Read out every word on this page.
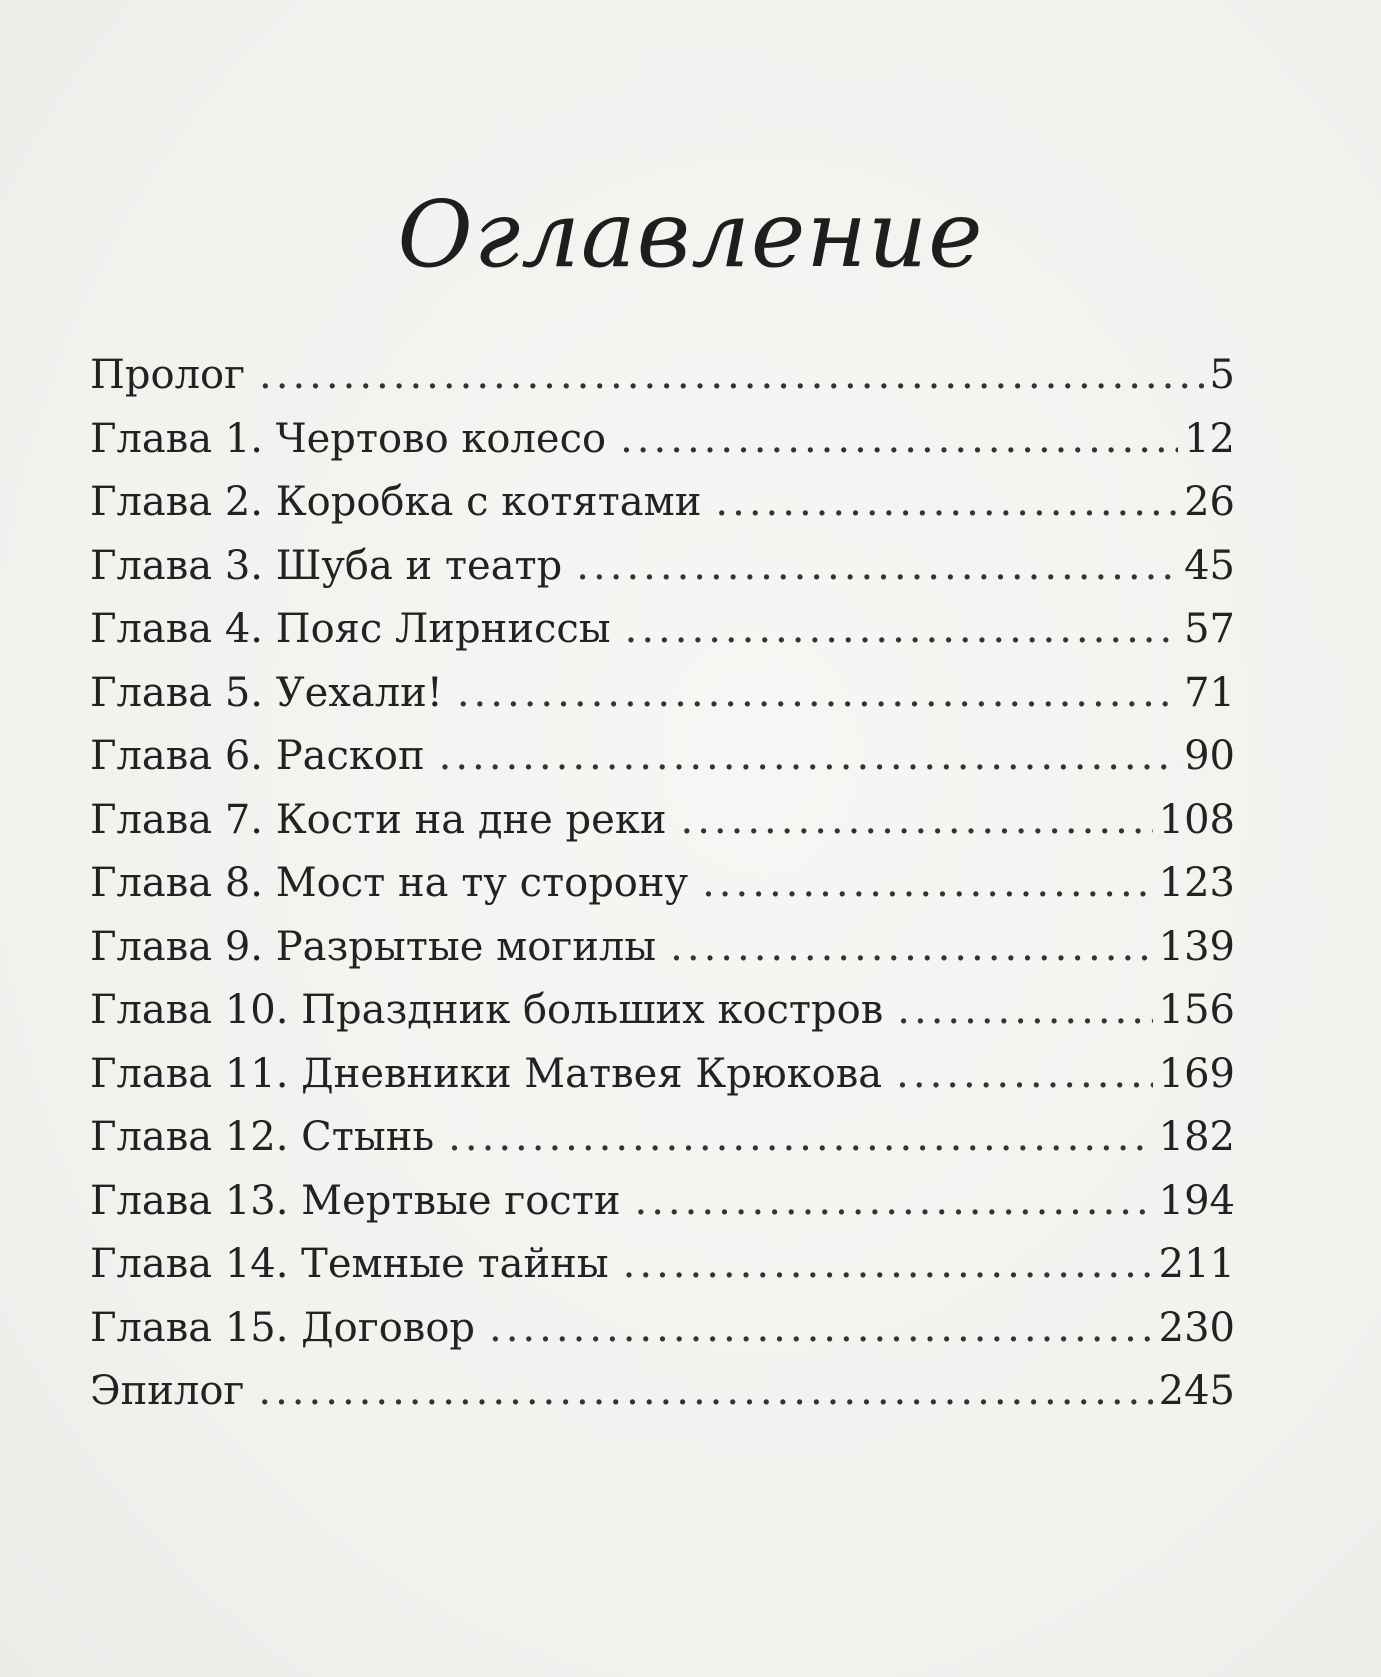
Оглавление
Пролог .....	5
Глава 1. Чертово колесо .....	12
Глава 2. Коробка с котятами .....	26
Глава 3. Шуба и театр .....	45
Глава 4. Пояс Лирниссы .....	57
Глава 5. Уехали! .....	71
Глава 6. Раскоп .....	90
Глава 7. Кости на дне реки .....	108
Глава 8. Мост на ту сторону .....	123
Глава 9. Разрытые могилы .....	139
Глава 10. Праздник больших костров .....	156
Глава 11. Дневники Матвея Крюкова .....	169
Глава 12. Стынь .....	182
Глава 13. Мертвые гости .....	194
Глава 14. Темные тайны .....	211
Глава 15. Договор .....	230
Эпилог .....	245
